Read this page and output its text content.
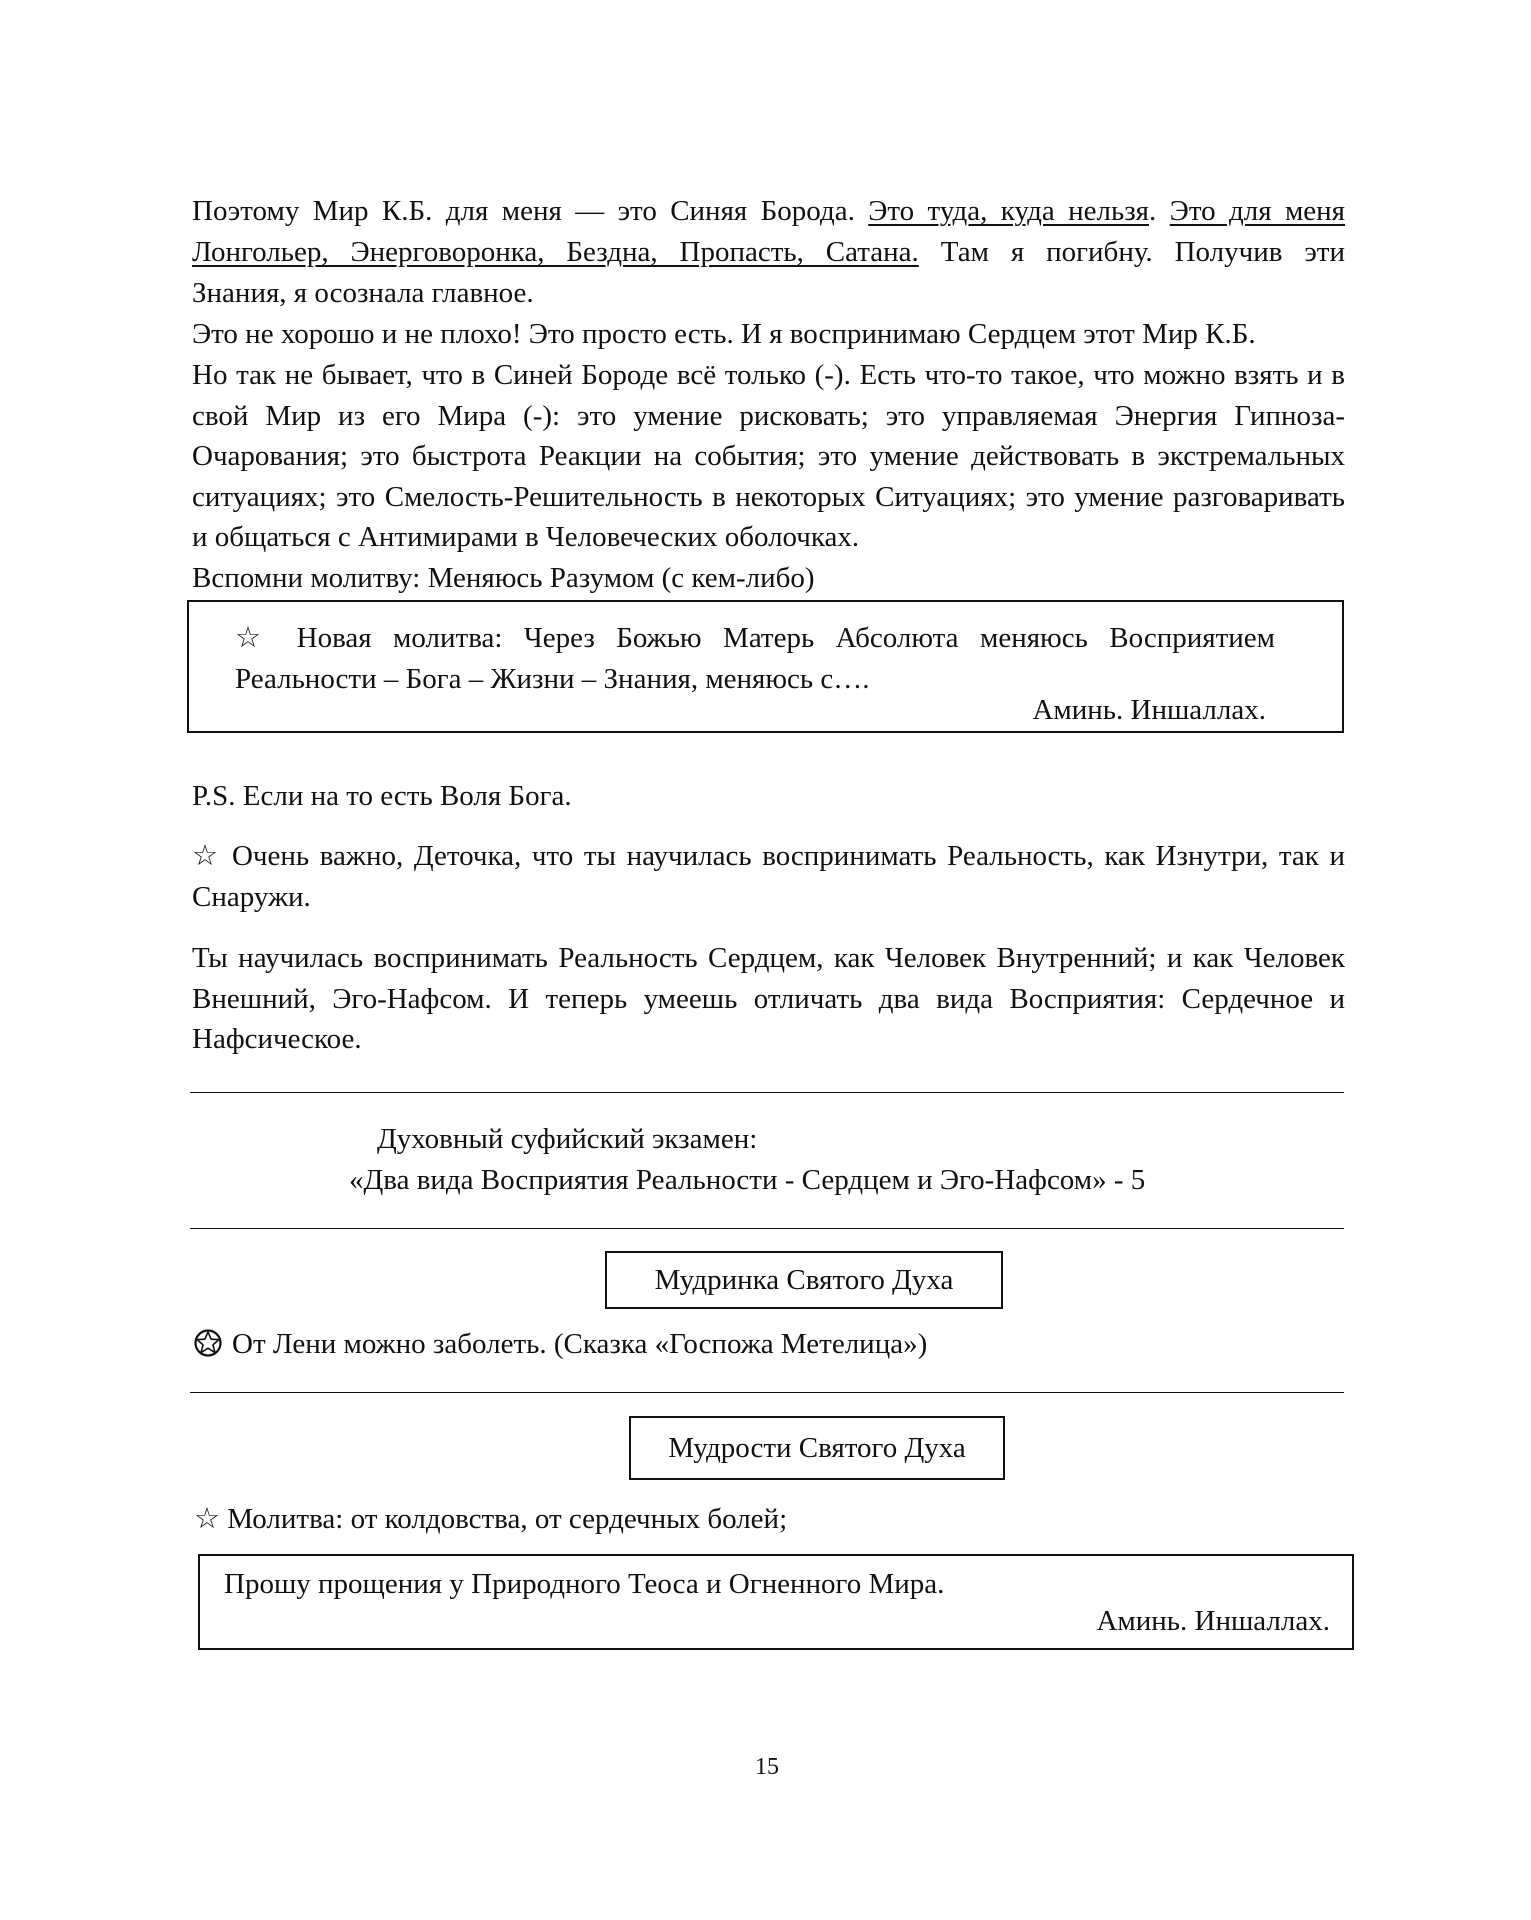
Поэтому Мир К.Б. для меня — это Синяя Борода. Это туда, куда нельзя. Это для меня
Лонгольер, Энерговоронка, Бездна, Пропасть, Сатана. Там я погибну. Получив эти
Знания, я осознала главное.
Это не хорошо и не плохо! Это просто есть. И я воспринимаю Сердцем этот Мир К.Б.
Но так не бывает, что в Синей Бороде всё только (-). Есть что-то такое, что можно взять и в свой Мир из его Мира (-): это умение рисковать; это управляемая Энергия Гипноза-Очарования; это быстрота Реакции на события; это умение действовать в экстремальных ситуациях; это Смелость-Решительность в некоторых Ситуациях; это умение разговаривать и общаться с Антимирами в Человеческих оболочках.
Вспомни молитву: Меняюсь Разумом (с кем-либо)
☆ Новая молитва: Через Божью Матерь Абсолюта меняюсь Восприятием Реальности – Бога – Жизни – Знания, меняюсь с….
Аминь. Иншаллах.
P.S. Если на то есть Воля Бога.
☆ Очень важно, Деточка, что ты научилась воспринимать Реальность, как Изнутри, так и Снаружи.
Ты научилась воспринимать Реальность Сердцем, как Человек Внутренний; и как Человек Внешний, Эго-Нафсом. И теперь умеешь отличать два вида Восприятия: Сердечное и Нафсическое.
Духовный суфийский экзамен:
«Два вида Восприятия Реальности - Сердцем и Эго-Нафсом» - 5
Мудринка Святого Духа
От Лени можно заболеть. (Сказка «Госпожа Метелица»)
Мудрости Святого Духа
☆ Молитва: от колдовства, от сердечных болей;
Прошу прощения у Природного Теоса и Огненного Мира.
Аминь. Иншаллах.
15
